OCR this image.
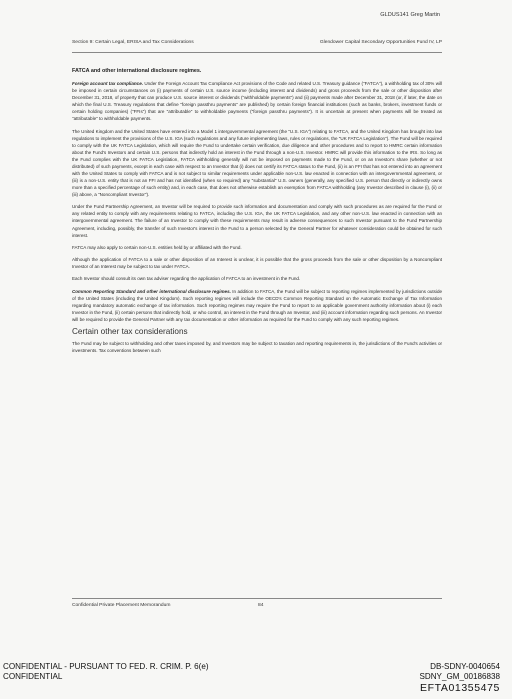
GLDUS141 Greg Martin
Section 9: Certain Legal, ERISA and Tax Considerations	Glendower Capital Secondary Opportunities Fund IV, LP

FATCA and other international disclosure regimes.

Foreign account tax compliance. Under the Foreign Account Tax Compliance Act provisions of the Code and related U.S. Treasury guidance ("FATCA"), a withholding tax of 30% will be imposed in certain circumstances on (i) payments of certain U.S. source income (including interest and dividends) and gross proceeds from the sale or other disposition after December 31, 2018, of property that can produce U.S. source interest or dividends ("withholdable payments") and (ii) payments made after December 31, 2018 (or, if later, the date on which the final U.S. Treasury regulations that define "foreign passthru payments" are published) by certain foreign financial institutions (such as banks, brokers, investment funds or certain holding companies) ("FFIs") that are "attributable" to withholdable payments ("foreign passthru payments"). It is uncertain at present when payments will be treated as "attributable" to withholdable payments.

The United Kingdom and the United States have entered into a Model 1 intergovernmental agreement (the "U.S. IGA") relating to FATCA, and the United Kingdom has brought into law regulations to implement the provisions of the U.S. IGA (such regulations and any future implementing laws, rules or regulations, the "UK FATCA Legislation"). The Fund will be required to comply with the UK FATCA Legislation, which will require the Fund to undertake certain verification, due diligence and other procedures and to report to HMRC certain information about the Fund's Investors and certain U.S. persons that indirectly hold an interest in the Fund through a non-U.S. Investor. HMRC will provide this information to the IRS. So long as the Fund complies with the UK FATCA Legislation, FATCA withholding generally will not be imposed on payments made to the Fund, or on an Investor's share (whether or not distributed) of such payments, except in each case with respect to an Investor that (i) does not certify its FATCA status to the Fund, (ii) is an FFI that has not entered into an agreement with the United States to comply with FATCA and is not subject to similar requirements under applicable non-U.S. law enacted in connection with an intergovernmental agreement, or (iii) is a non-U.S. entity that is not an FFI and has not identified (when so required) any "substantial" U.S. owners (generally, any specified U.S. person that directly or indirectly owns more than a specified percentage of such entity) and, in each case, that does not otherwise establish an exemption from FATCA withholding (any Investor described in clause (i), (ii) or (iii) above, a "Noncompliant Investor").

Under the Fund Partnership Agreement, an Investor will be required to provide such information and documentation and comply with such procedures as are required for the Fund or any related entity to comply with any requirements relating to FATCA, including the U.S. IGA, the UK FATCA Legislation, and any other non-U.S. law enacted in connection with an intergovernmental agreement. The failure of an Investor to comply with these requirements may result in adverse consequences to such Investor pursuant to the Fund Partnership Agreement, including, possibly, the transfer of such Investor's interest in the Fund to a person selected by the General Partner for whatever consideration could be obtained for such interest.

FATCA may also apply to certain non-U.S. entities held by or affiliated with the Fund.

Although the application of FATCA to a sale or other disposition of an Interest is unclear, it is possible that the gross proceeds from the sale or other disposition by a Noncompliant Investor of an Interest may be subject to tax under FATCA.

Each Investor should consult its own tax adviser regarding the application of FATCA to an investment in the Fund.

Common Reporting Standard and other international disclosure regimes. In addition to FATCA, the Fund will be subject to reporting regimes implemented by jurisdictions outside of the United States (including the United Kingdom). Such reporting regimes will include the OECD's Common Reporting Standard on the Automatic Exchange of Tax Information regarding mandatory automatic exchange of tax information. Such reporting regimes may require the Fund to report to an applicable government authority information about (i) each Investor in the Fund, (ii) certain persons that indirectly hold, or who control, an interest in the Fund through an Investor, and (iii) account information regarding such persons. An Investor will be required to provide the General Partner with any tax documentation or other information as required for the Fund to comply with any such reporting regimes.

Certain other tax considerations

The Fund may be subject to withholding and other taxes imposed by, and Investors may be subject to taxation and reporting requirements in, the jurisdictions of the Fund's activities or investments. Tax conventions between such

Confidential Private Placement Memorandum	84
CONFIDENTIAL - PURSUANT TO FED. R. CRIM. P. 6(e)
CONFIDENTIAL
DB-SDNY-0040654
SDNY_GM_00186838
EFTA01355475
